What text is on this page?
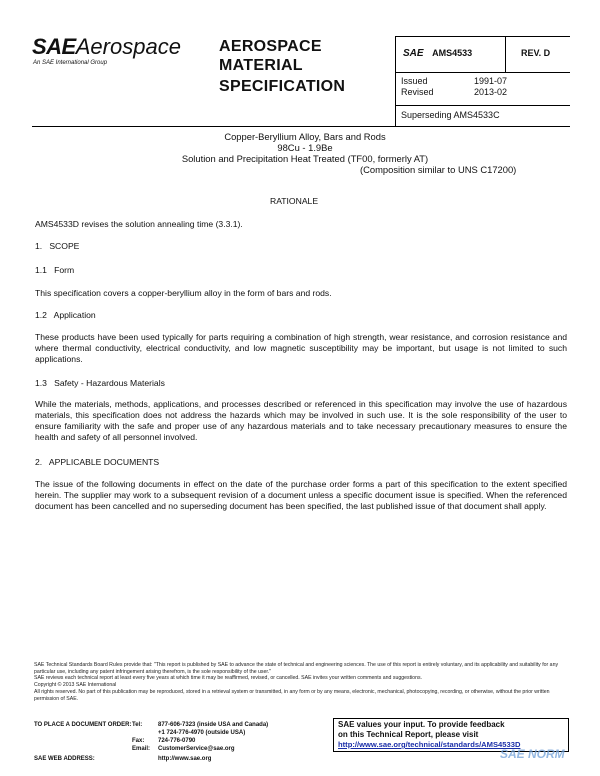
SAEAerospace
An SAE International Group
AEROSPACE
MATERIAL
SPECIFICATION
SAE AMS4533	REV. D
Issued	1991-07
Revised	2013-02
Superseding AMS4533C
Copper-Beryllium Alloy, Bars and Rods
98Cu - 1.9Be
Solution and Precipitation Heat Treated (TF00, formerly AT)
(Composition similar to UNS C17200)
RATIONALE
AMS4533D revises the solution annealing time (3.3.1).
1.   SCOPE
1.1   Form
This specification covers a copper-beryllium alloy in the form of bars and rods.
1.2   Application
These products have been used typically for parts requiring a combination of high strength, wear resistance, and corrosion resistance and where thermal conductivity, electrical conductivity, and low magnetic susceptibility may be important, but usage is not limited to such applications.
1.3   Safety - Hazardous Materials
While the materials, methods, applications, and processes described or referenced in this specification may involve the use of hazardous materials, this specification does not address the hazards which may be involved in such use. It is the sole responsibility of the user to ensure familiarity with the safe and proper use of any hazardous materials and to take necessary precautionary measures to ensure the health and safety of all personnel involved.
2.   APPLICABLE DOCUMENTS
The issue of the following documents in effect on the date of the purchase order forms a part of this specification to the extent specified herein. The supplier may work to a subsequent revision of a document unless a specific document issue is specified. When the referenced document has been cancelled and no superseding document has been specified, the last published issue of that document shall apply.
SAE Technical Standards Board Rules provide that: "This report is published by SAE to advance the state of technical and engineering sciences. The use of this report is entirely voluntary, and its applicability and suitability for any particular use, including any patent infringement arising therefrom, is the sole responsibility of the user."
SAE reviews each technical report at least every five years at which time it may be reaffirmed, revised, or cancelled. SAE invites your written comments and suggestions.
Copyright © 2013 SAE International
All rights reserved. No part of this publication may be reproduced, stored in a retrieval system or transmitted, in any form or by any means, electronic, mechanical, photocopying, recording, or otherwise, without the prior written permission of SAE.
TO PLACE A DOCUMENT ORDER: Tel:	877-606-7323 (inside USA and Canada)
+1 724-776-4970 (outside USA)
Fax: 724-776-0790
Email: CustomerService@sae.org
SAE WEB ADDRESS:	http://www.sae.org
SAE values your input. To provide feedback
on this Technical Report, please visit
http://www.sae.org/technical/standards/AMS4533D
SAE NORM
